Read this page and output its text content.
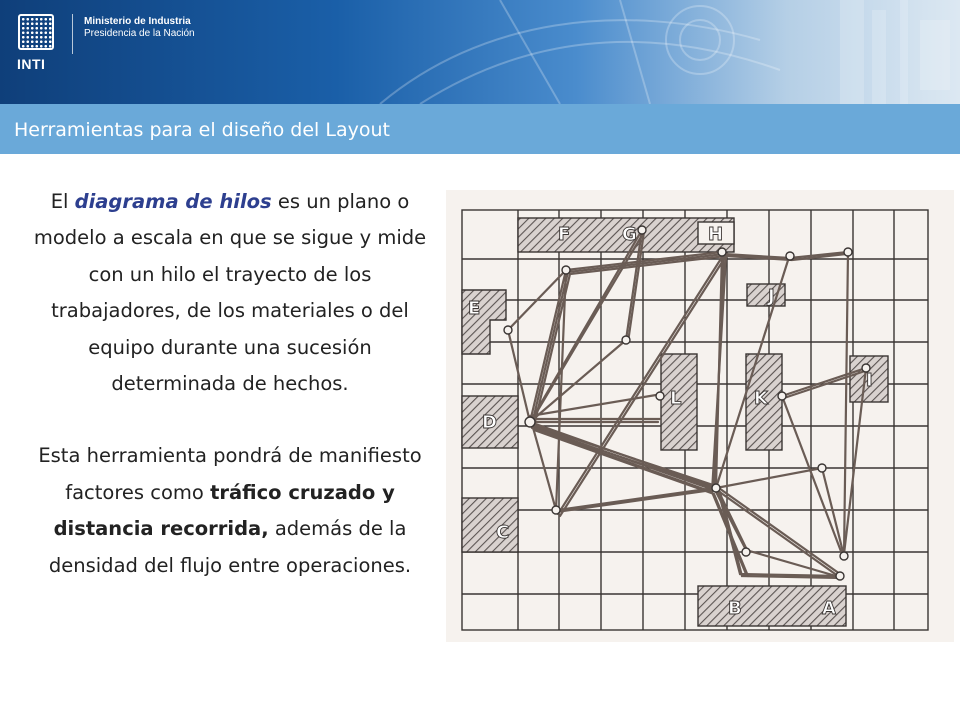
INTI
Ministerio de Industria
Presidencia de la Nación
Herramientas para el diseño del Layout

El diagrama de hilos es un plano o modelo a escala en que se sigue y mide con un hilo el trayecto de los trabajadores, de los materiales o del equipo durante una sucesión determinada de hechos.

Esta herramienta pondrá de manifiesto factores como tráfico cruzado y distancia recorrida, además de la densidad del flujo entre operaciones.

F	G	H
E
J
I
K
L
D
C
B	A
